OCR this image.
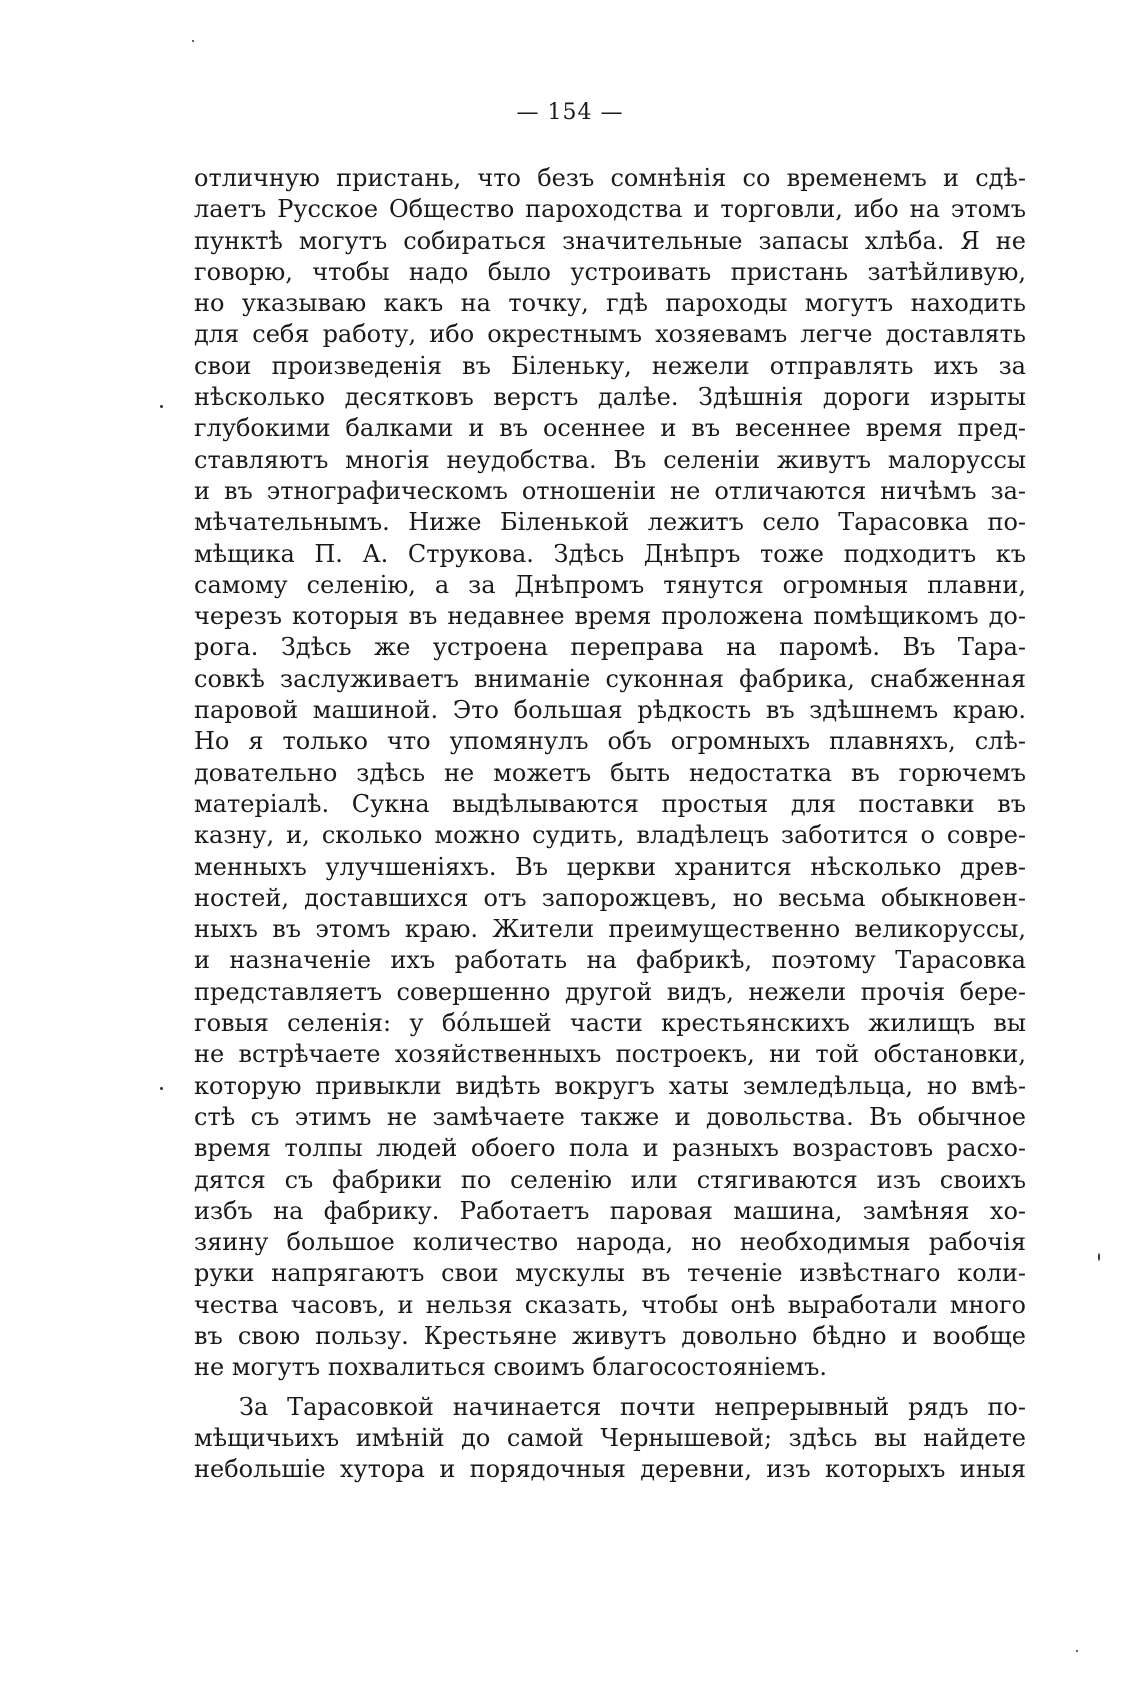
— 154 —
отличную пристань, что безъ сомнѣнія со временемъ и сдѣ-
лаетъ Русское Общество пароходства и торговли, ибо на этомъ
пунктѣ могутъ собираться значительные запасы хлѣба. Я не
говорю, чтобы надо было устроивать пристань затѣйливую,
но указываю какъ на точку, гдѣ пароходы могутъ находить
для себя работу, ибо окрестнымъ хозяевамъ легче доставлять
свои произведенія въ Біленьку, нежели отправлять ихъ за
нѣсколько десятковъ верстъ далѣе. Здѣшнія дороги изрыты
глубокими балками и въ осеннее и въ весеннее время пред-
ставляютъ многія неудобства. Въ селеніи живутъ малоруссы
и въ этнографическомъ отношеніи не отличаются ничѣмъ за-
мѣчательнымъ. Ниже Біленькой лежитъ село Тарасовка по-
мѣщика П. А. Струкова. Здѣсь Днѣпръ тоже подходитъ къ
самому селенію, а за Днѣпромъ тянутся огромныя плавни,
черезъ которыя въ недавнее время проложена помѣщикомъ до-
рога. Здѣсь же устроена переправа на паромѣ. Въ Тара-
совкѣ заслуживаетъ вниманіе суконная фабрика, снабженная
паровой машиной. Это большая рѣдкость въ здѣшнемъ краю.
Но я только что упомянулъ объ огромныхъ плавняхъ, слѣ-
довательно здѣсь не можетъ быть недостатка въ горючемъ
матеріалѣ. Сукна выдѣлываются простыя для поставки въ
казну, и, сколько можно судить, владѣлецъ заботится о совре-
менныхъ улучшеніяхъ. Въ церкви хранится нѣсколько древ-
ностей, доставшихся отъ запорожцевъ, но весьма обыкновен-
ныхъ въ этомъ краю. Жители преимущественно великоруссы,
и назначеніе ихъ работать на фабрикѣ, поэтому Тарасовка
представляетъ совершенно другой видъ, нежели прочія бере-
говыя селенія: у бо́льшей части крестьянскихъ жилищъ вы
не встрѣчаете хозяйственныхъ построекъ, ни той обстановки,
которую привыкли видѣть вокругъ хаты земледѣльца, но вмѣ-
стѣ съ этимъ не замѣчаете также и довольства. Въ обычное
время толпы людей обоего пола и разныхъ возрастовъ расхо-
дятся съ фабрики по селенію или стягиваются изъ своихъ
избъ на фабрику. Работаетъ паровая машина, замѣняя хо-
зяину большое количество народа, но необходимыя рабочія
руки напрягаютъ свои мускулы въ теченіе извѣстнаго коли-
чества часовъ, и нельзя сказать, чтобы онѣ выработали много
въ свою пользу. Крестьяне живутъ довольно бѣдно и вообще
не могутъ похвалиться своимъ благосостояніемъ.
За Тарасовкой начинается почти непрерывный рядъ по-
мѣщичьихъ имѣній до самой Чернышевой; здѣсь вы найдете
небольшіе хутора и порядочныя деревни, изъ которыхъ иныя
